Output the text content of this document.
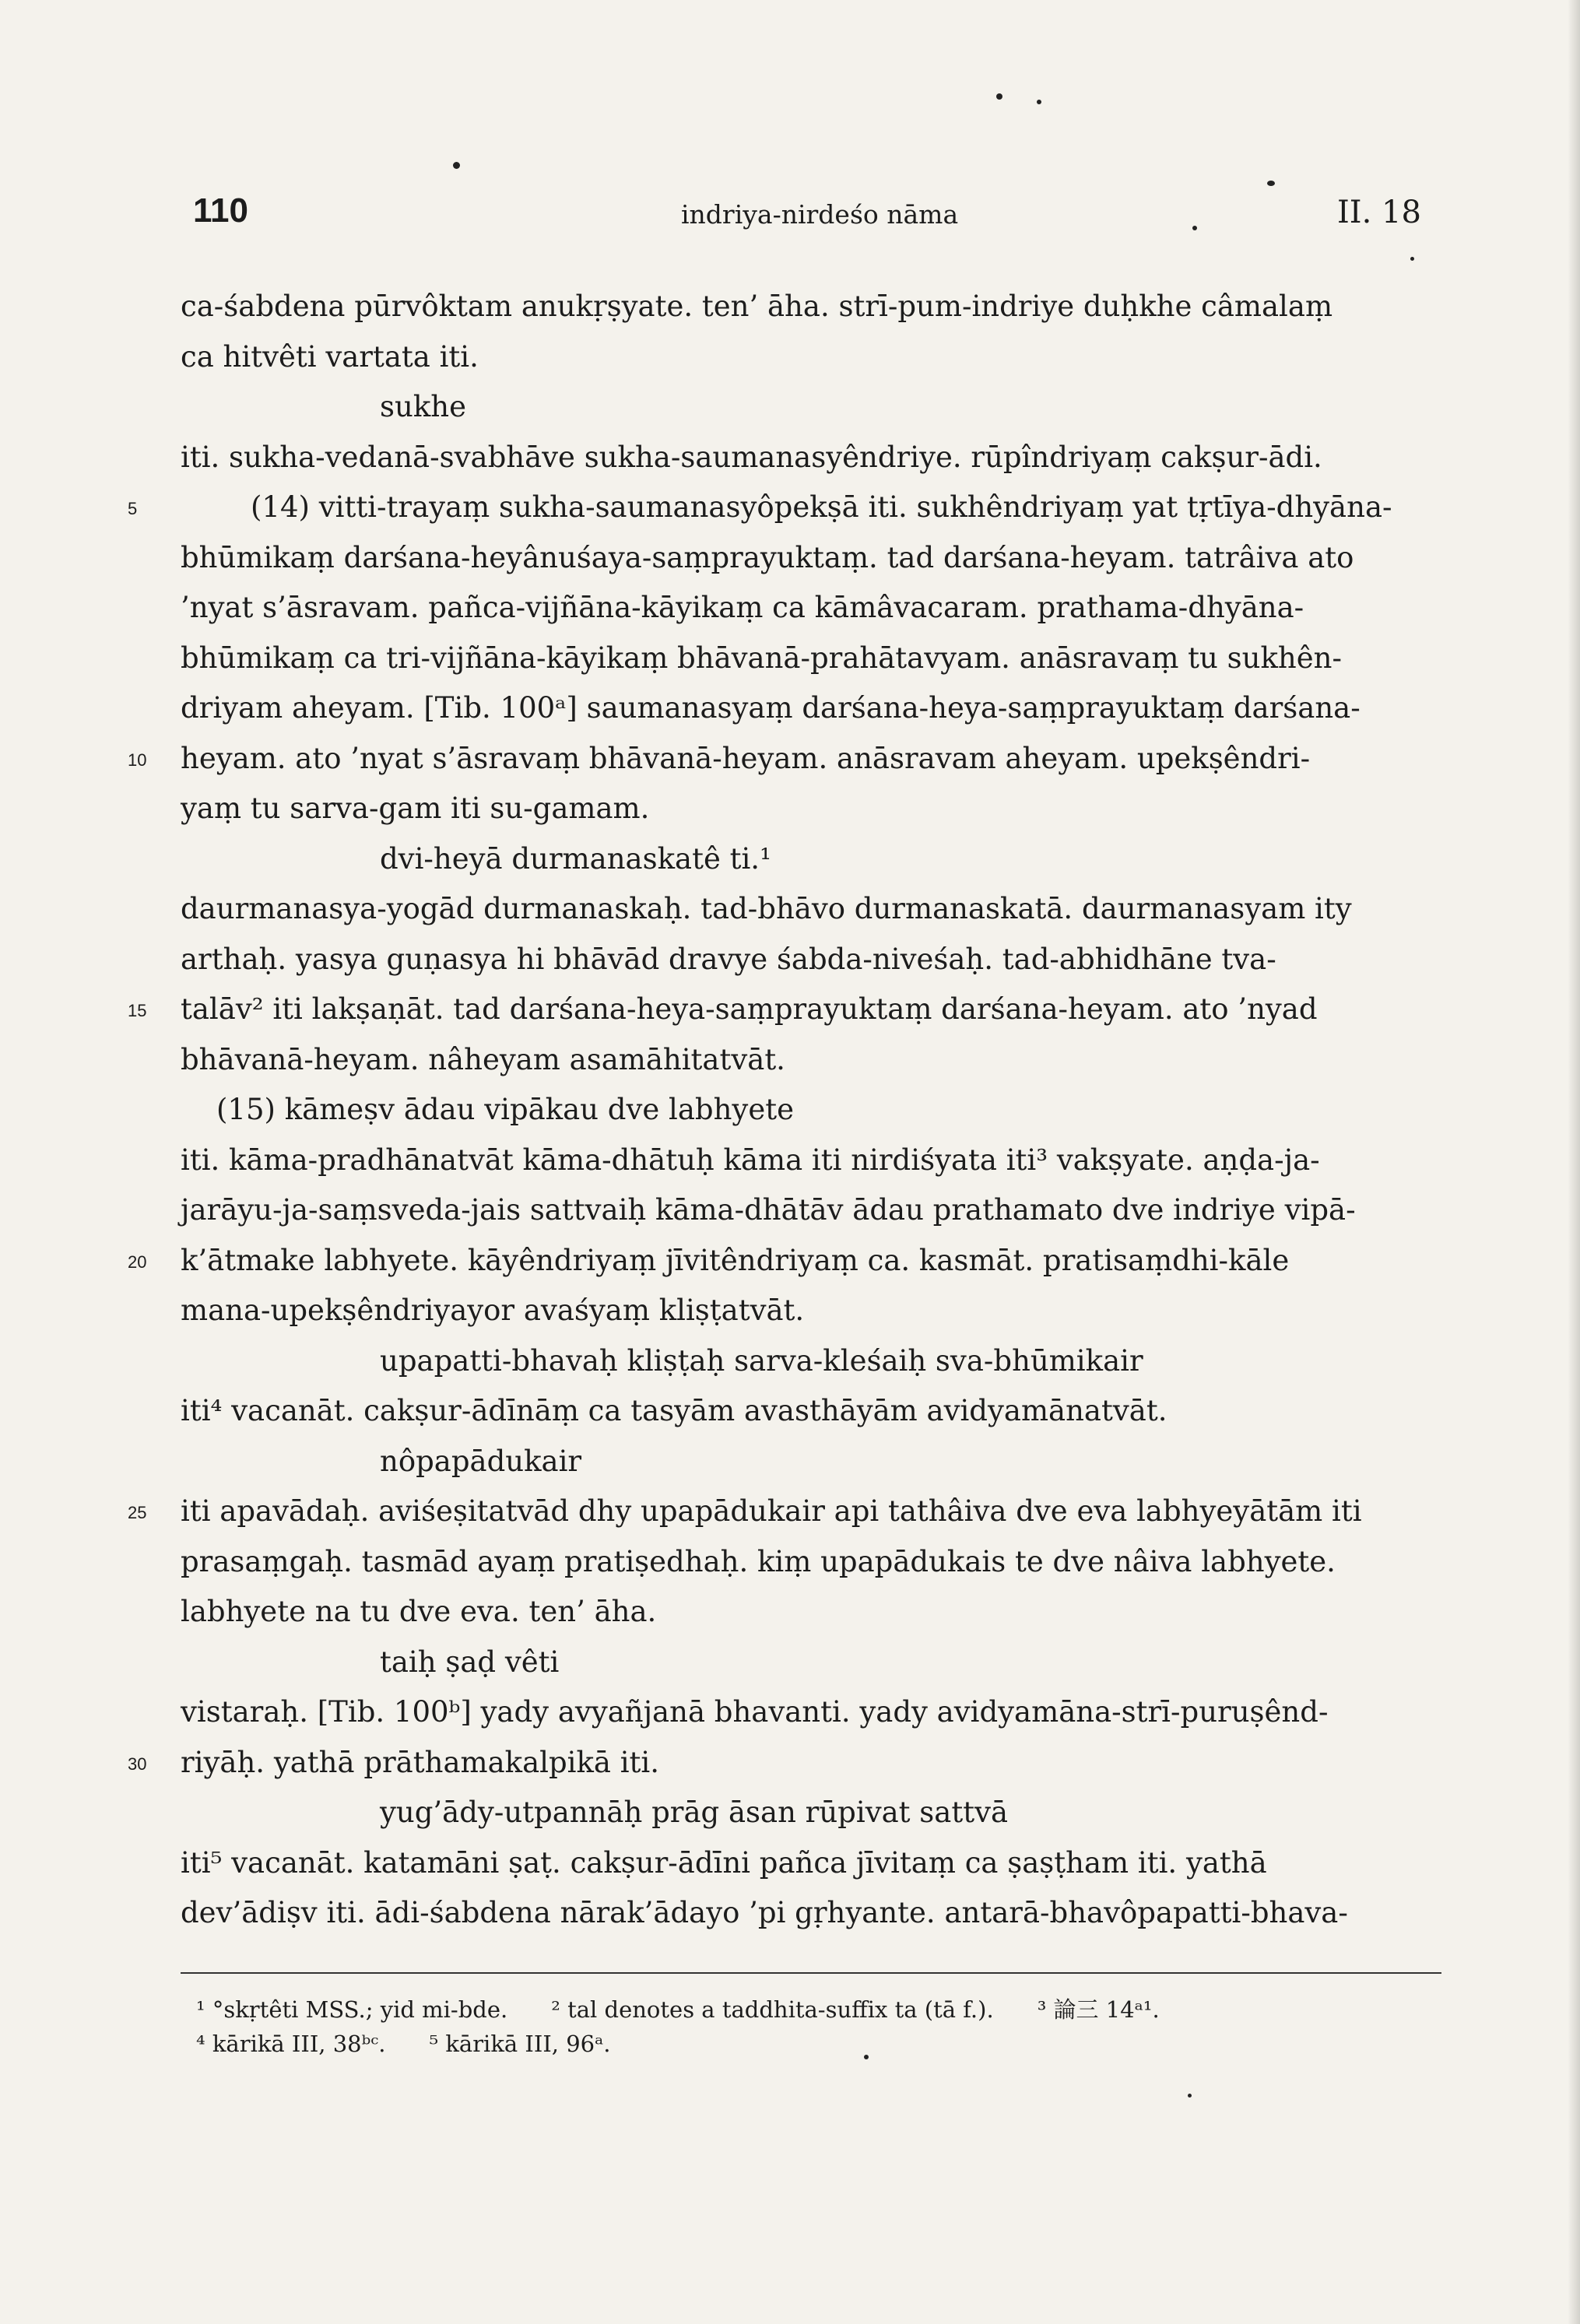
110	indriya-nirdeśo nāma	II. 18
ca-śabdena pūrvôktam anukṛṣyate. ten’ āha. strī-pum-indriye duḥkhe câmalaṃ
ca hitvêti vartata iti.
sukhe
iti. sukha-vedanā-svabhāve sukha-saumanasyêndriye. rūpîndriyaṃ cakṣur-ādi.
(14) vitti-trayaṃ sukha-saumanasyôpekṣā iti. sukhêndriyaṃ yat tṛtīya-dhyāna-
5
bhūmikaṃ darśana-heyânuśaya-saṃprayuktaṃ. tad darśana-heyam. tatrâiva ato
’nyat s’āsravam. pañca-vijñāna-kāyikaṃ ca kāmâvacaram. prathama-dhyāna-
bhūmikaṃ ca tri-vijñāna-kāyikaṃ bhāvanā-prahātavyam. anāsravaṃ tu sukhên-
driyam aheyam. [Tib. 100ᵃ] saumanasyaṃ darśana-heya-saṃprayuktaṃ darśana-
heyam. ato ’nyat s’āsravaṃ bhāvanā-heyam. anāsravam aheyam. upekṣêndri-
10
yaṃ tu sarva-gam iti su-gamam.
dvi-heyā durmanaskatê ti.¹
daurmanasya-yogād durmanaskaḥ. tad-bhāvo durmanaskatā. daurmanasyam ity
arthaḥ. yasya guṇasya hi bhāvād dravye śabda-niveśaḥ. tad-abhidhāne tva-
talāv² iti lakṣaṇāt. tad darśana-heya-saṃprayuktaṃ darśana-heyam. ato ’nyad
15
bhāvanā-heyam. nâheyam asamāhitatvāt.
(15) kāmeṣv ādau vipākau dve labhyete
iti. kāma-pradhānatvāt kāma-dhātuḥ kāma iti nirdiśyata iti³ vakṣyate. aṇḍa-ja-
jarāyu-ja-saṃsveda-jais sattvaiḥ kāma-dhātāv ādau prathamato dve indriye vipā-
k’ātmake labhyete. kāyêndriyaṃ jīvitêndriyaṃ ca. kasmāt. pratisaṃdhi-kāle
20
mana-upekṣêndriyayor avaśyaṃ kliṣṭatvāt.
upapatti-bhavaḥ kliṣṭaḥ sarva-kleśaiḥ sva-bhūmikair
iti⁴ vacanāt. cakṣur-ādīnāṃ ca tasyām avasthāyām avidyamānatvāt.
nôpapādukair
iti apavādaḥ. aviśeṣitatvād dhy upapādukair api tathâiva dve eva labhyeyātām iti
25
prasaṃgaḥ. tasmād ayaṃ pratiṣedhaḥ. kiṃ upapādukais te dve nâiva labhyete.
labhyete na tu dve eva. ten’ āha.
taiḥ ṣaḍ vêti
vistaraḥ. [Tib. 100ᵇ] yady avyañjanā bhavanti. yady avidyamāna-strī-puruṣênd-
riyāḥ. yathā prāthamakalpikā iti.
30
yug’ādy-utpannāḥ prāg āsan rūpivat sattvā
iti⁵ vacanāt. katamāni ṣaṭ. cakṣur-ādīni pañca jīvitaṃ ca ṣaṣṭham iti. yathā
dev’ādiṣv iti. ādi-śabdena nārak’ādayo ’pi gṛhyante. antarā-bhavôpapatti-bhava-
¹ °skṛtêti MSS.; yid mi-bde. ² tal denotes a taddhita-suffix ta (tā f.). ³ 論三 14ᵃ¹.
⁴ kārikā III, 38ᵇᶜ. ⁵ kārikā III, 96ᵃ.
